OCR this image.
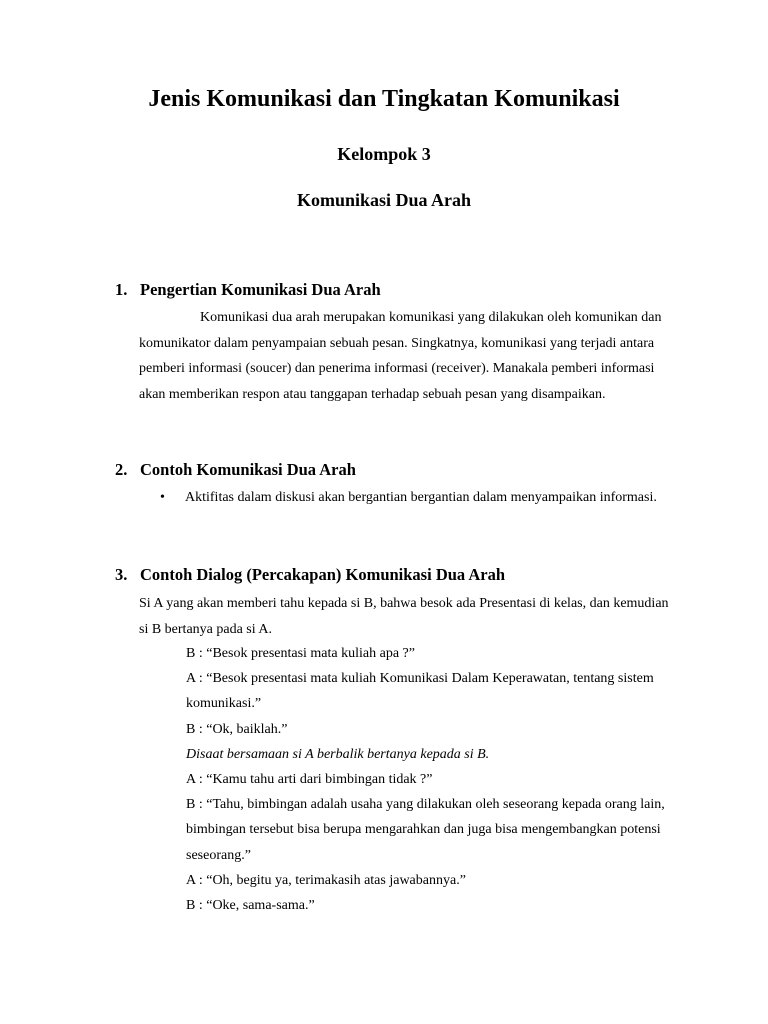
Jenis Komunikasi dan Tingkatan Komunikasi
Kelompok 3
Komunikasi Dua Arah
1. Pengertian Komunikasi Dua Arah

Komunikasi dua arah merupakan komunikasi yang dilakukan oleh komunikan dan komunikator dalam penyampaian sebuah pesan. Singkatnya, komunikasi yang terjadi antara pemberi informasi (soucer) dan penerima informasi (receiver). Manakala pemberi informasi akan memberikan respon atau tanggapan terhadap sebuah pesan yang disampaikan.

2. Contoh Komunikasi Dua Arah
• Aktifitas dalam diskusi akan bergantian bergantian dalam menyampaikan informasi.
3. Contoh Dialog (Percakapan) Komunikasi Dua Arah

Si A yang akan memberi tahu kepada si B, bahwa besok ada Presentasi di kelas, dan kemudian si B bertanya pada si A.

B : “Besok presentasi mata kuliah apa ?”
A : “Besok presentasi mata kuliah Komunikasi Dalam Keperawatan, tentang sistem komunikasi.”
B : “Ok, baiklah.”
Disaat bersamaan si A berbalik bertanya kepada si B.
A : “Kamu tahu arti dari bimbingan tidak ?”
B : “Tahu, bimbingan adalah usaha yang dilakukan oleh seseorang kepada orang lain, bimbingan tersebut bisa berupa mengarahkan dan juga bisa mengembangkan potensi seseorang.”
A : “Oh, begitu ya, terimakasih atas jawabannya.”
B : “Oke, sama-sama.”
